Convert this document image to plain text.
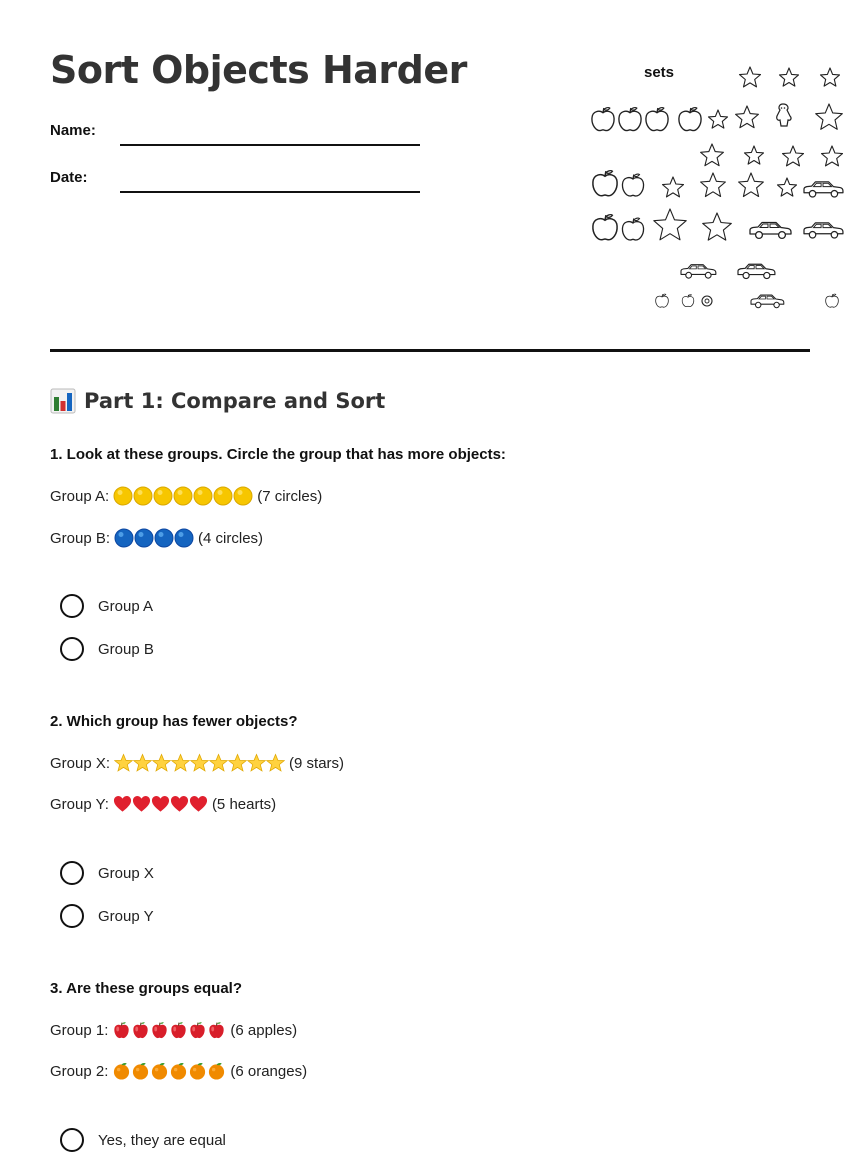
Sort Objects Harder
Name:
Date:
sets
Part 1: Compare and Sort
1. Look at these groups. Circle the group that has more objects:
Group A:	(7 circles)
Group B:	(4 circles)
Group A
Group B
2. Which group has fewer objects?
Group X:	(9 stars)
Group Y:	(5 hearts)
Group X
Group Y
3. Are these groups equal?
Group 1:	(6 apples)
Group 2:	(6 oranges)
Yes, they are equal
